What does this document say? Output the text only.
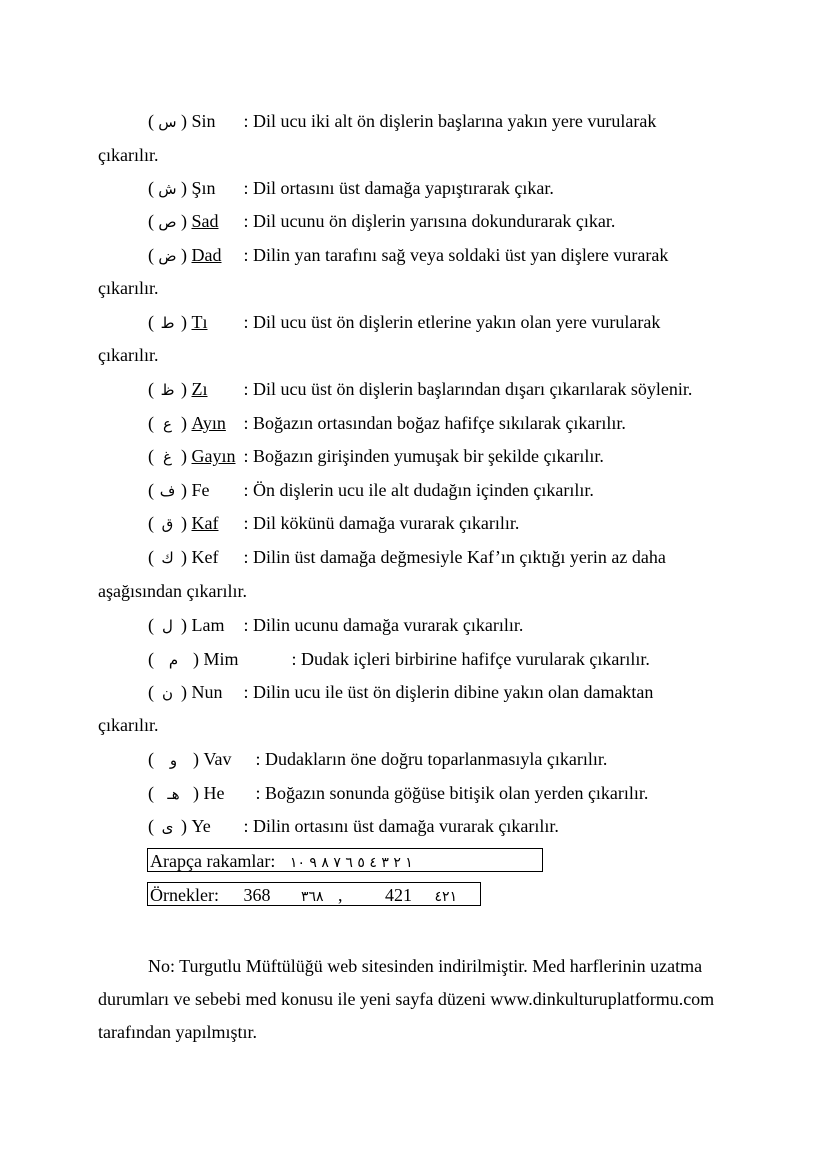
( س ) Sin : Dil ucu iki alt ön dişlerin başlarına yakın yere vurularak
çıkarılır.
( ش ) Şın : Dil ortasını üst damağa yapıştırarak çıkar.
( ص ) Sad : Dil ucunu ön dişlerin yarısına dokundurarak çıkar.
( ض ) Dad : Dilin yan tarafını sağ veya soldaki üst yan dişlere vurarak
çıkarılır.
( ط ) Tı : Dil ucu üst ön dişlerin etlerine yakın olan yere vurularak
çıkarılır.
( ظ ) Zı : Dil ucu üst ön dişlerin başlarından dışarı çıkarılarak söylenir.
( ع ) Ayın : Boğazın ortasından boğaz hafifçe sıkılarak çıkarılır.
( غ ) Gayın : Boğazın girişinden yumuşak bir şekilde çıkarılır.
( ف ) Fe : Ön dişlerin ucu ile alt dudağın içinden çıkarılır.
( ق ) Kaf : Dil kökünü damağa vurarak çıkarılır.
( ك ) Kef : Dilin üst damağa değmesiyle Kaf’ın çıktığı yerin az daha
aşağısından çıkarılır.
( ل ) Lam : Dilin ucunu damağa vurarak çıkarılır.
( م ) Mim	: Dudak içleri birbirine hafifçe vurularak çıkarılır.
( ن ) Nun : Dilin ucu ile üst ön dişlerin dibine yakın olan damaktan
çıkarılır.
( و ) Vav : Dudakların öne doğru toparlanmasıyla çıkarılır.
( هـ ) He : Boğazın sonunda göğüse bitişik olan yerden çıkarılır.
( ى ) Ye : Dilin ortasını üst damağa vurarak çıkarılır.
Arapça rakamlar: ١ ٢ ٣ ٤ ٥ ٦ ٧ ٨ ٩ ١٠
Örnekler: 368 ٣٦٨ , 421 ٤٢١
No: Turgutlu Müftülüğü web sitesinden indirilmiştir. Med harflerinin uzatma
durumları ve sebebi med konusu ile yeni sayfa düzeni www.dinkulturuplatformu.com
tarafından yapılmıştır.
